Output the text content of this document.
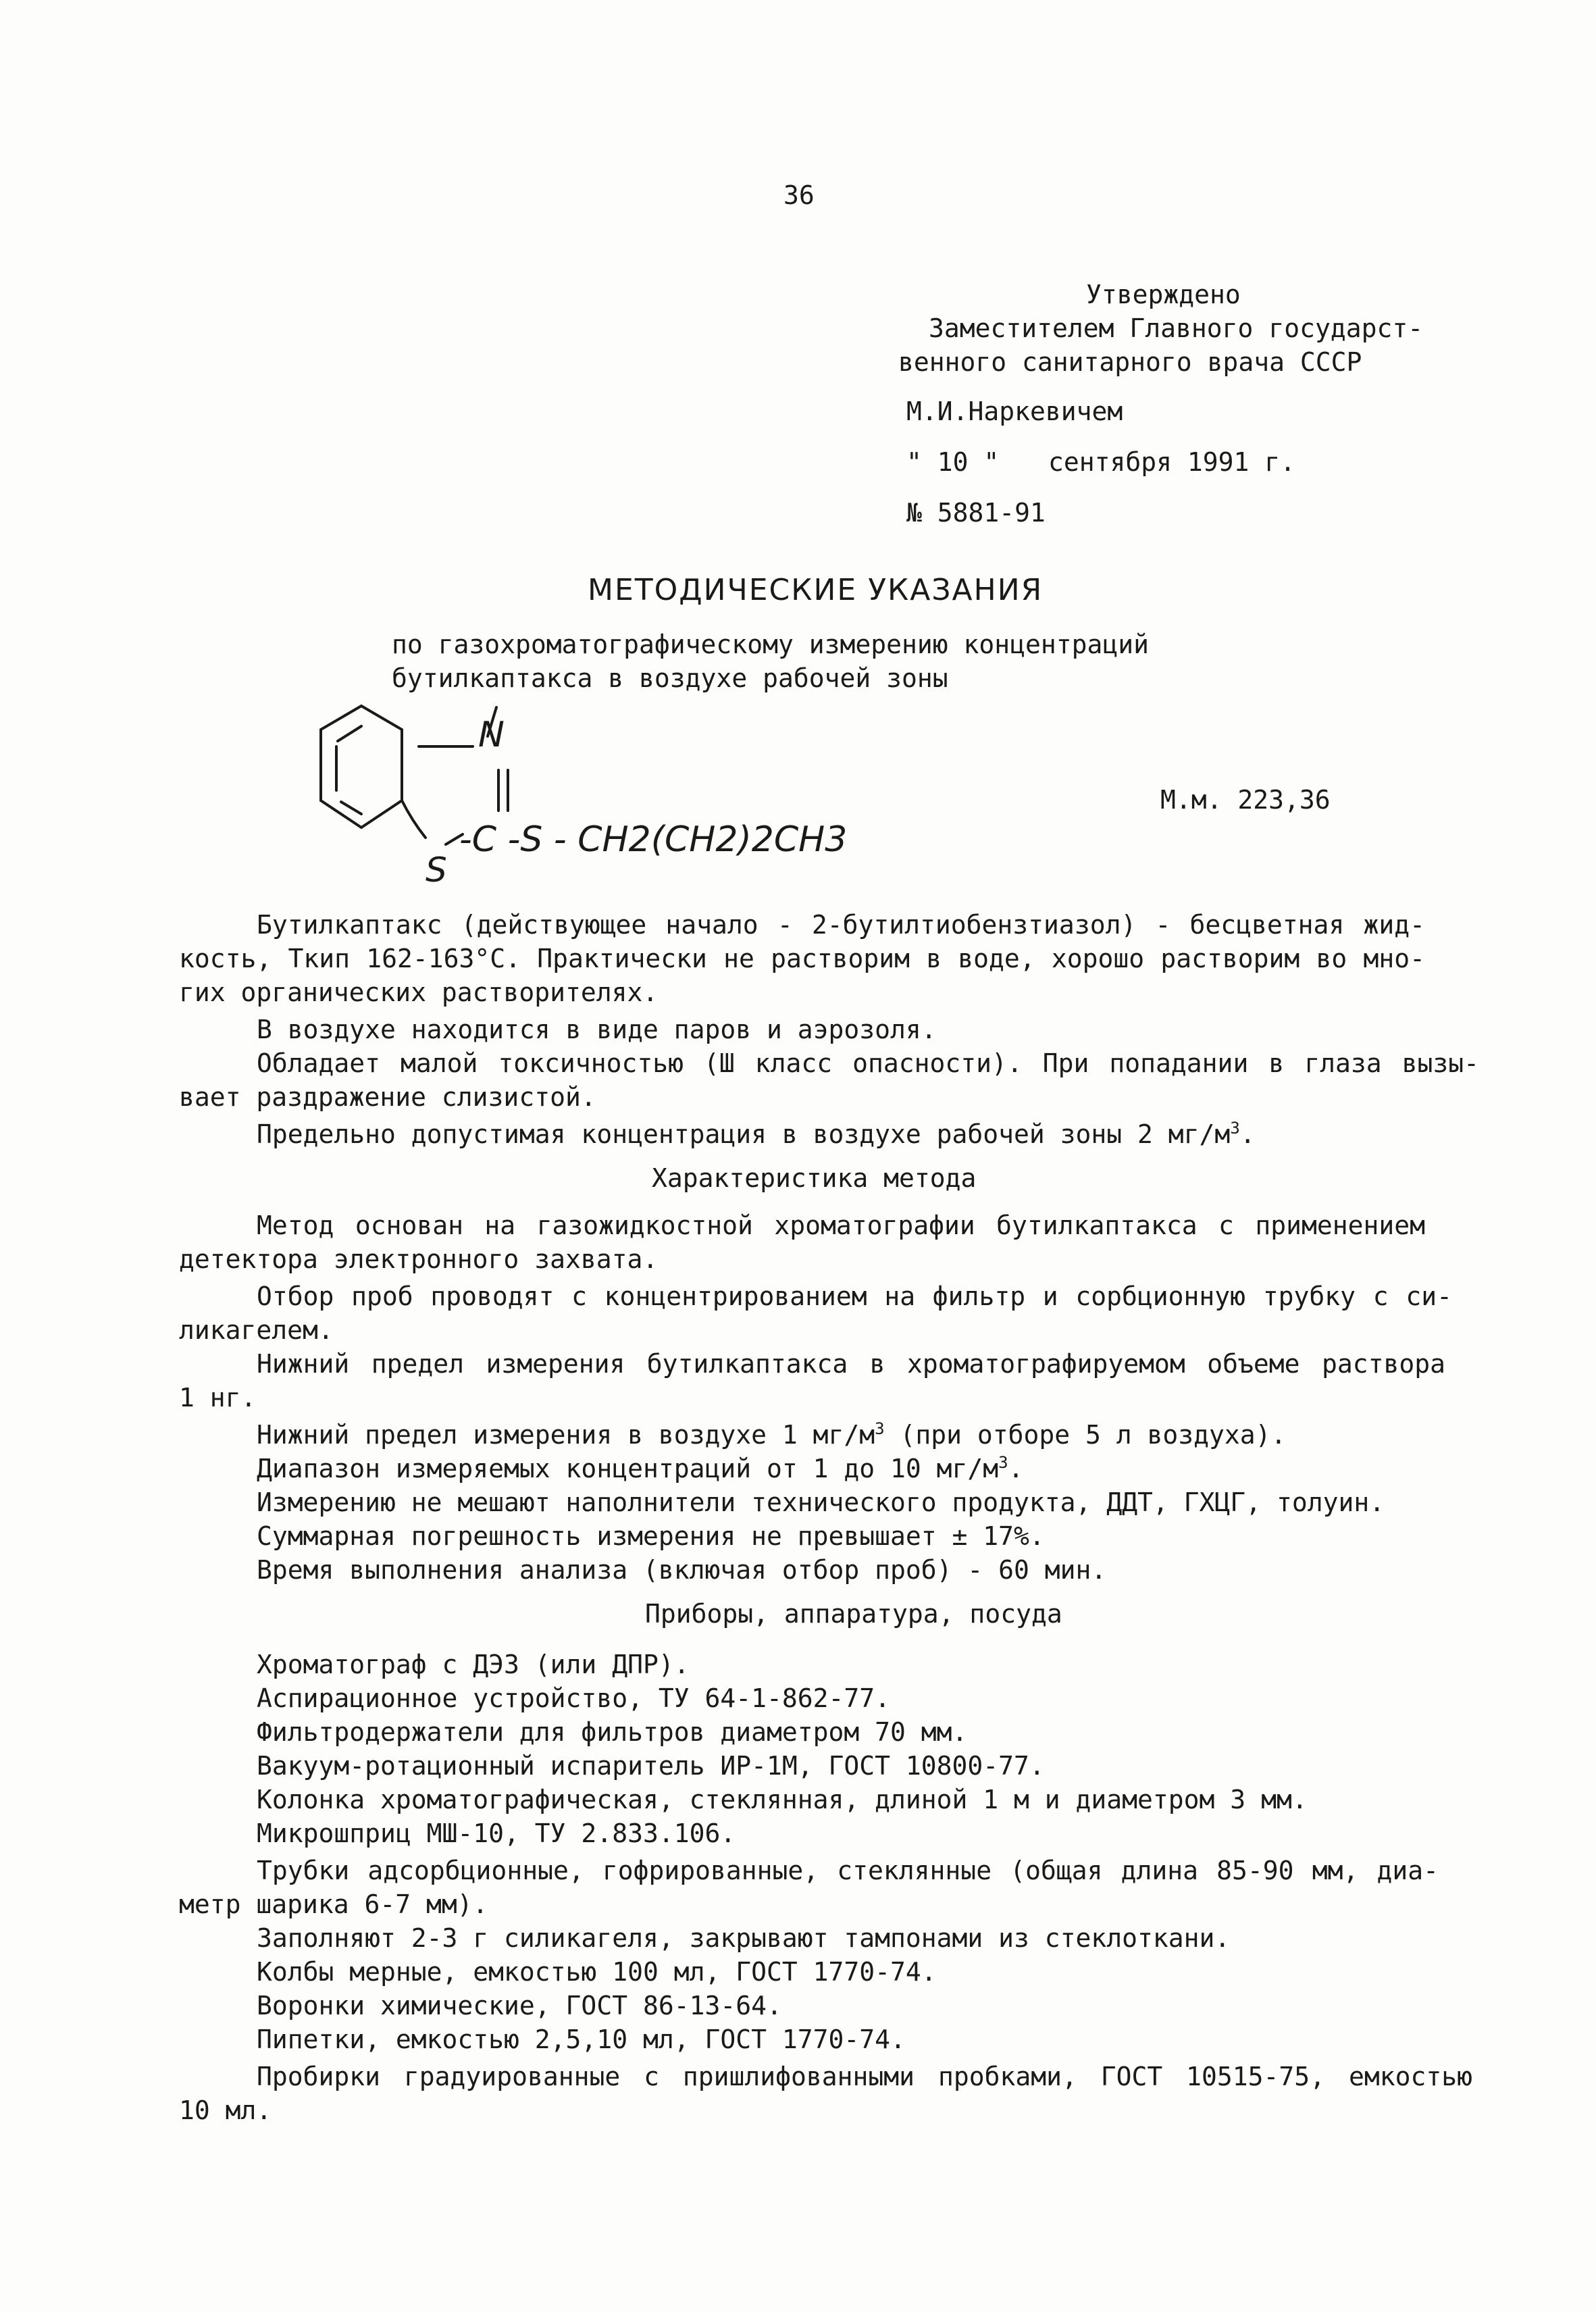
36
Утверждено
Заместителем Главного государст-
венного санитарного врача СССР
М.И.Наркевичем
" 10 " сентября 1991 г.
№ 5881-91
МЕТОДИЧЕСКИЕ УКАЗАНИЯ
по газохроматографическому измерению концентраций
бутилкаптакса в воздухе рабочей зоны
N
S
-C -S - CH2(CH2)2CH3
М.м. 223,36
Бутилкаптакс (действующее начало - 2-бутилтиобензтиазол) - бесцветная жид-
кость, Ткип 162-163°С. Практически не растворим в воде, хорошо растворим во мно-
гих органических растворителях.
В воздухе находится в виде паров и аэрозоля.
Обладает малой токсичностью (Ш класс опасности). При попадании в глаза вызы-
вает раздражение слизистой.
Предельно допустимая концентрация в воздухе рабочей зоны 2 $мг/м^3$.
Характеристика метода
Метод основан на газожидкостной хроматографии бутилкаптакса с применением
детектора электронного захвата.
Отбор проб проводят с концентрированием на фильтр и сорбционную трубку с си-
ликагелем.
Нижний предел измерения бутилкаптакса в хроматографируемом объеме раствора
1 нг.
Нижний предел измерения в воздухе 1 $мг/м^3$ (при отборе 5 л воздуха).
Диапазон измеряемых концентраций от 1 до 10 $мг/м^3$.
Измерению не мешают наполнители технического продукта, ДДТ, ГХЦГ, толуин.
Суммарная погрешность измерения не превышает ± 17%.
Время выполнения анализа (включая отбор проб) - 60 мин.
Приборы, аппаратура, посуда
Хроматограф с ДЭЗ (или ДПР).
Аспирационное устройство, ТУ 64-1-862-77.
Фильтродержатели для фильтров диаметром 70 мм.
Вакуум-ротационный испаритель ИР-1М, ГОСТ 10800-77.
Колонка хроматографическая, стеклянная, длиной 1 м и диаметром 3 мм.
Микрошприц МШ-10, ТУ 2.833.106.
Трубки адсорбционные, гофрированные, стеклянные (общая длина 85-90 мм, диа-
метр шарика 6-7 мм).
Заполняют 2-3 г силикагеля, закрывают тампонами из стеклоткани.
Колбы мерные, емкостью 100 мл, ГОСТ 1770-74.
Воронки химические, ГОСТ 86-13-64.
Пипетки, емкостью 2,5,10 мл, ГОСТ 1770-74.
Пробирки градуированные с пришлифованными пробками, ГОСТ 10515-75, емкостью
10 мл.
